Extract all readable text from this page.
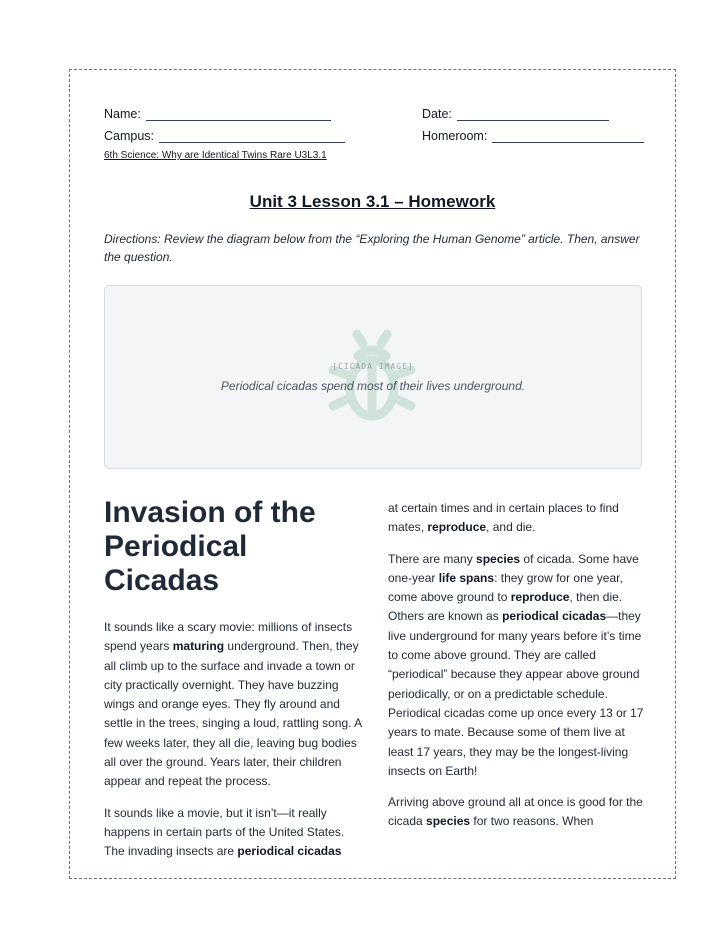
Name:	Date:
Campus:	Homeroom:
6th Science: Why are Identical Twins Rare U3L3.1
Unit 3 Lesson 3.1 – Homework
Directions: Review the diagram below from the “Exploring the Human Genome” article. Then, answer the question.
[CICADA IMAGE]
Periodical cicadas spend most of their lives underground.
Invasion of the Periodical Cicadas

It sounds like a scary movie: millions of insects spend years maturing underground. Then, they all climb up to the surface and invade a town or city practically overnight. They have buzzing wings and orange eyes. They fly around and settle in the trees, singing a loud, rattling song. A few weeks later, they all die, leaving bug bodies all over the ground. Years later, their children appear and repeat the process.

It sounds like a movie, but it isn’t—it really happens in certain parts of the United States. The invading insects are periodical cicadas

at certain times and in certain places to find mates, reproduce, and die.

There are many species of cicada. Some have one-year life spans: they grow for one year, come above ground to reproduce, then die. Others are known as periodical cicadas—they live underground for many years before it’s time to come above ground. They are called “periodical” because they appear above ground periodically, or on a predictable schedule. Periodical cicadas come up once every 13 or 17 years to mate. Because some of them live at least 17 years, they may be the longest-living insects on Earth!

Arriving above ground all at once is good for the cicada species for two reasons. When
